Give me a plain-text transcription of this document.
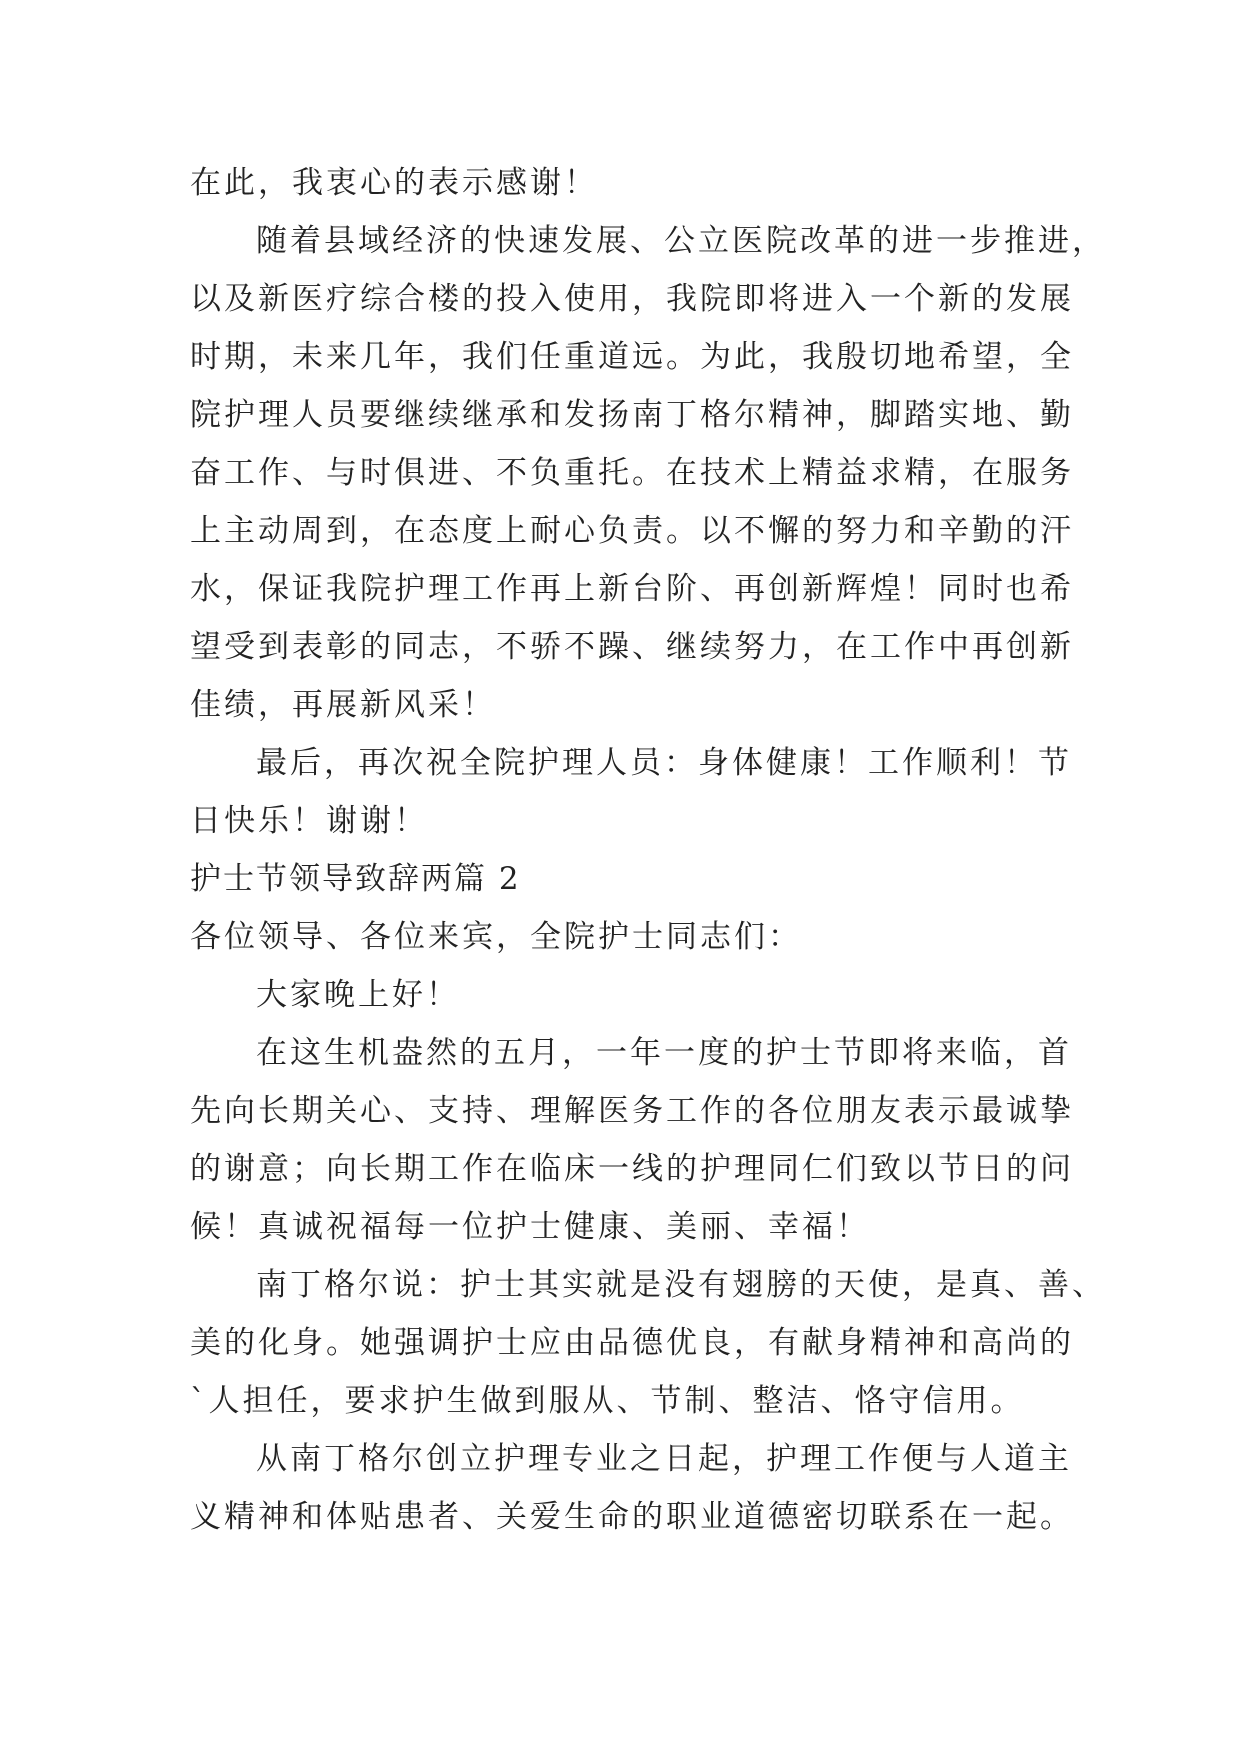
在此，我衷心的表示感谢！
随着县域经济的快速发展、公立医院改革的进一步推进，
以及新医疗综合楼的投入使用，我院即将进入一个新的发展
时期，未来几年，我们任重道远。为此，我殷切地希望，全
院护理人员要继续继承和发扬南丁格尔精神，脚踏实地、勤
奋工作、与时俱进、不负重托。在技术上精益求精，在服务
上主动周到，在态度上耐心负责。以不懈的努力和辛勤的汗
水，保证我院护理工作再上新台阶、再创新辉煌！同时也希
望受到表彰的同志，不骄不躁、继续努力，在工作中再创新
佳绩，再展新风采！
最后，再次祝全院护理人员：身体健康！工作顺利！节
日快乐！谢谢！
护士节领导致辞两篇 2
各位领导、各位来宾，全院护士同志们：
大家晚上好！
在这生机盎然的五月，一年一度的护士节即将来临，首
先向长期关心、支持、理解医务工作的各位朋友表示最诚挚
的谢意；向长期工作在临床一线的护理同仁们致以节日的问
候！真诚祝福每一位护士健康、美丽、幸福！
南丁格尔说：护士其实就是没有翅膀的天使，是真、善、
美的化身。她强调护士应由品德优良，有献身精神和高尚的
`人担任，要求护生做到服从、节制、整洁、恪守信用。
从南丁格尔创立护理专业之日起，护理工作便与人道主
义精神和体贴患者、关爱生命的职业道德密切联系在一起。
